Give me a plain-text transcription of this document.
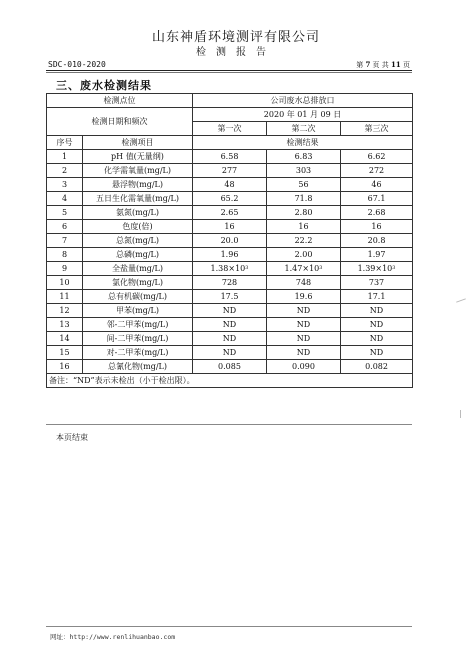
山东神盾环境测评有限公司
检测报告
SDC-010-2020	第 7 页 共 11 页
三、废水检测结果
检测点位		公司废水总排放口		
检测日期和频次		2020 年 01 月 09 日		
		第一次	第二次	第三次
序号	检测项目	检测结果		
1	pH 值(无量纲)	6.58	6.83	6.62
2	化学需氧量(mg/L)	277	303	272
3	悬浮物(mg/L)	48	56	46
4	五日生化需氧量(mg/L)	65.2	71.8	67.1
5	氨氮(mg/L)	2.65	2.80	2.68
6	色度(倍)	16	16	16
7	总氮(mg/L)	20.0	22.2	20.8
8	总磷(mg/L)	1.96	2.00	1.97
9	全盐量(mg/L)	$1.38\times 10^3$	$1.47\times 10^3$	$1.39\times 10^3$
10	氯化物(mg/L)	728	748	737
11	总有机碳(mg/L)	17.5	19.6	17.1
12	甲苯(mg/L)	ND	ND	ND
13	邻-二甲苯(mg/L)	ND	ND	ND
14	间-二甲苯(mg/L)	ND	ND	ND
15	对-二甲苯(mg/L)	ND	ND	ND
16	总氰化物(mg/L)	0.085	0.090	0.082
备注：“ND”表示未检出（小于检出限）。				
本页结束
网址：http://www.renlihuanbao.com
